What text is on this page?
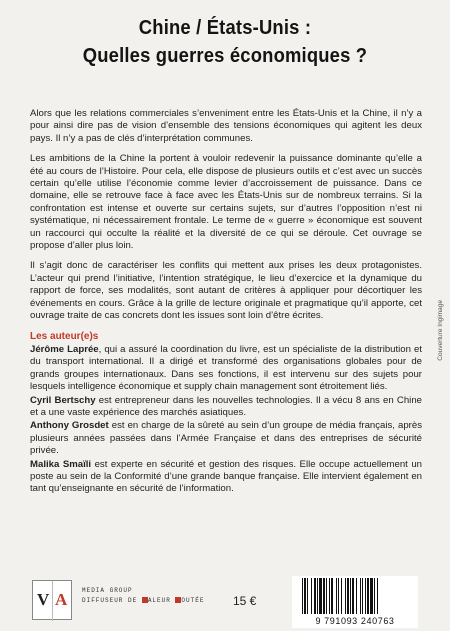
Chine / États-Unis :
Quelles guerres économiques ?

Alors que les relations commerciales s’enveniment entre les États-Unis et la Chine, il n’y a pour ainsi dire pas de vision d’ensemble des tensions économiques qui agitent les deux pays. Il n’y a pas de clés d’interprétation communes.

Les ambitions de la Chine la portent à vouloir redevenir la puissance dominante qu’elle a été au cours de l’Histoire. Pour cela, elle dispose de plusieurs outils et c’est avec un succès certain qu’elle utilise l’économie comme levier d’accroissement de puissance. Dans ce domaine, elle se retrouve face à face avec les États-Unis sur de nombreux terrains. Si la confrontation est intense et ouverte sur certains sujets, sur d’autres l’opposition n’est ni systématique, ni nécessairement frontale. Le terme de « guerre » économique est souvent un raccourci qui occulte la réalité et la diversité de ce qui se déroule. Cet ouvrage se propose d’aller plus loin.

Il s’agit donc de caractériser les conflits qui mettent aux prises les deux protagonistes. L’acteur qui prend l’initiative, l’intention stratégique, le lieu d’exercice et la dynamique du rapport de force, ses modalités, sont autant de critères à appliquer pour décortiquer les événements en cours. Grâce à la grille de lecture originale et pragmatique qu’il apporte, cet ouvrage traite de cas concrets dont les issues sont loin d’être écrites.

Les auteur(e)s

Jérôme Laprée, qui a assuré la coordination du livre, est un spécialiste de la distribution et du transport international. Il a dirigé et transformé des organisations globales pour de grands groupes internationaux. Dans ses fonctions, il est intervenu sur des sujets pour lesquels intelligence économique et supply chain management sont étroitement liés.

Cyril Bertschy est entrepreneur dans les nouvelles technologies. Il a vécu 8 ans en Chine et a une vaste expérience des marchés asiatiques.

Anthony Grosdet est en charge de la sûreté au sein d’un groupe de média français, après plusieurs années passées dans l’Armée Française et dans des entreprises de sécurité privée.

Malika Smaïli est experte en sécurité et gestion des risques. Elle occupe actuellement un poste au sein de la Conformité d’une grande banque française. Elle intervient également en tant qu’enseignante en sécurité de l’information.

Couverture Ingimage
V A MEDIA GROUP
DIFFUSEUR DE ALEUR OUTÉE 15 €
9 791093 240763
